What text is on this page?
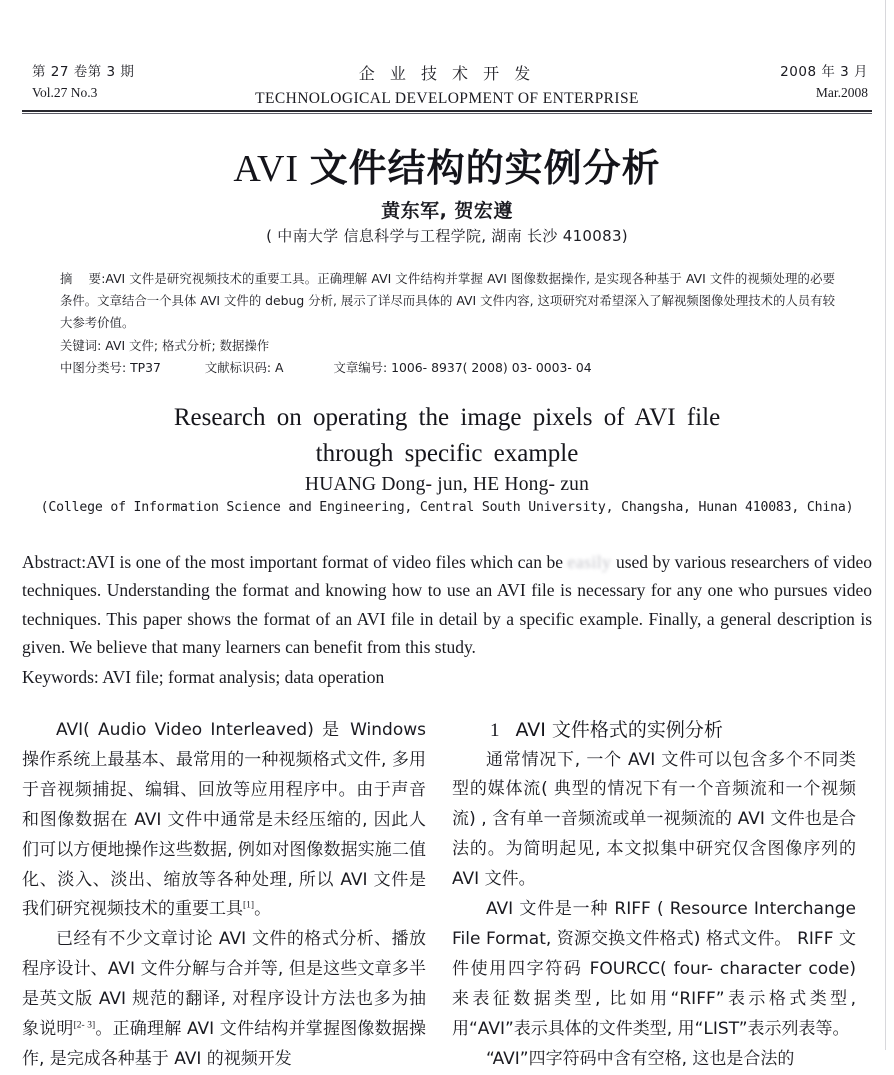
第 27 卷第 3 期
Vol.27 No.3
企 业 技 术 开 发
TECHNOLOGICAL DEVELOPMENT OF ENTERPRISE
2008 年 3 月
Mar.2008
AVI 文件结构的实例分析
黄东军, 贺宏遵
( 中南大学 信息科学与工程学院, 湖南 长沙 410083)
摘 要:AVI 文件是研究视频技术的重要工具。正确理解 AVI 文件结构并掌握 AVI 图像数据操作, 是实现各种基于 AVI 文件的视频处理的必要条件。文章结合一个具体 AVI 文件的 debug 分析, 展示了详尽而具体的 AVI 文件内容, 这项研究对希望深入了解视频图像处理技术的人员有较大参考价值。
关键词: AVI 文件; 格式分析; 数据操作
中图分类号: TP37	文献标识码: A	文章编号: 1006- 8937( 2008) 03- 0003- 04
Research on operating the image pixels of AVI file
through specific example
HUANG Dong- jun, HE Hong- zun
(College of Information Science and Engineering, Central South University, Changsha, Hunan 410083, China)

Abstract:AVI is one of the most important format of video files which can be easily used by various researchers of video techniques. Understanding the format and knowing how to use an AVI file is necessary for any one who pursues video techniques. This paper shows the format of an AVI file in detail by a specific example. Finally, a general description is given. We believe that many learners can benefit from this study.

Keywords: AVI file; format analysis; data operation

AVI( Audio Video Interleaved) 是 Windows 操作系统上最基本、最常用的一种视频格式文件, 多用于音视频捕捉、编辑、回放等应用程序中。由于声音和图像数据在 AVI 文件中通常是未经压缩的, 因此人们可以方便地操作这些数据, 例如对图像数据实施二值化、淡入、淡出、缩放等各种处理, 所以 AVI 文件是我们研究视频技术的重要工具[1]。

已经有不少文章讨论 AVI 文件的格式分析、播放程序设计、AVI 文件分解与合并等, 但是这些文章多半是英文版 AVI 规范的翻译, 对程序设计方法也多为抽象说明[2- 3]。正确理解 AVI 文件结构并掌握图像数据操作, 是完成各种基于 AVI 的视频开发

1 AVI 文件格式的实例分析

通常情况下, 一个 AVI 文件可以包含多个不同类型的媒体流( 典型的情况下有一个音频流和一个视频流) , 含有单一音频流或单一视频流的 AVI 文件也是合法的。为简明起见, 本文拟集中研究仅含图像序列的 AVI 文件。

AVI 文件是一种 RIFF ( Resource Interchange File Format, 资源交换文件格式) 格式文件。 RIFF 文件使用四字符码 FOURCC( four- character code) 来表征数据类型, 比如用“RIFF”表示格式类型, 用“AVI”表示具体的文件类型, 用“LIST”表示列表等。

“AVI”四字符码中含有空格, 这也是合法的
